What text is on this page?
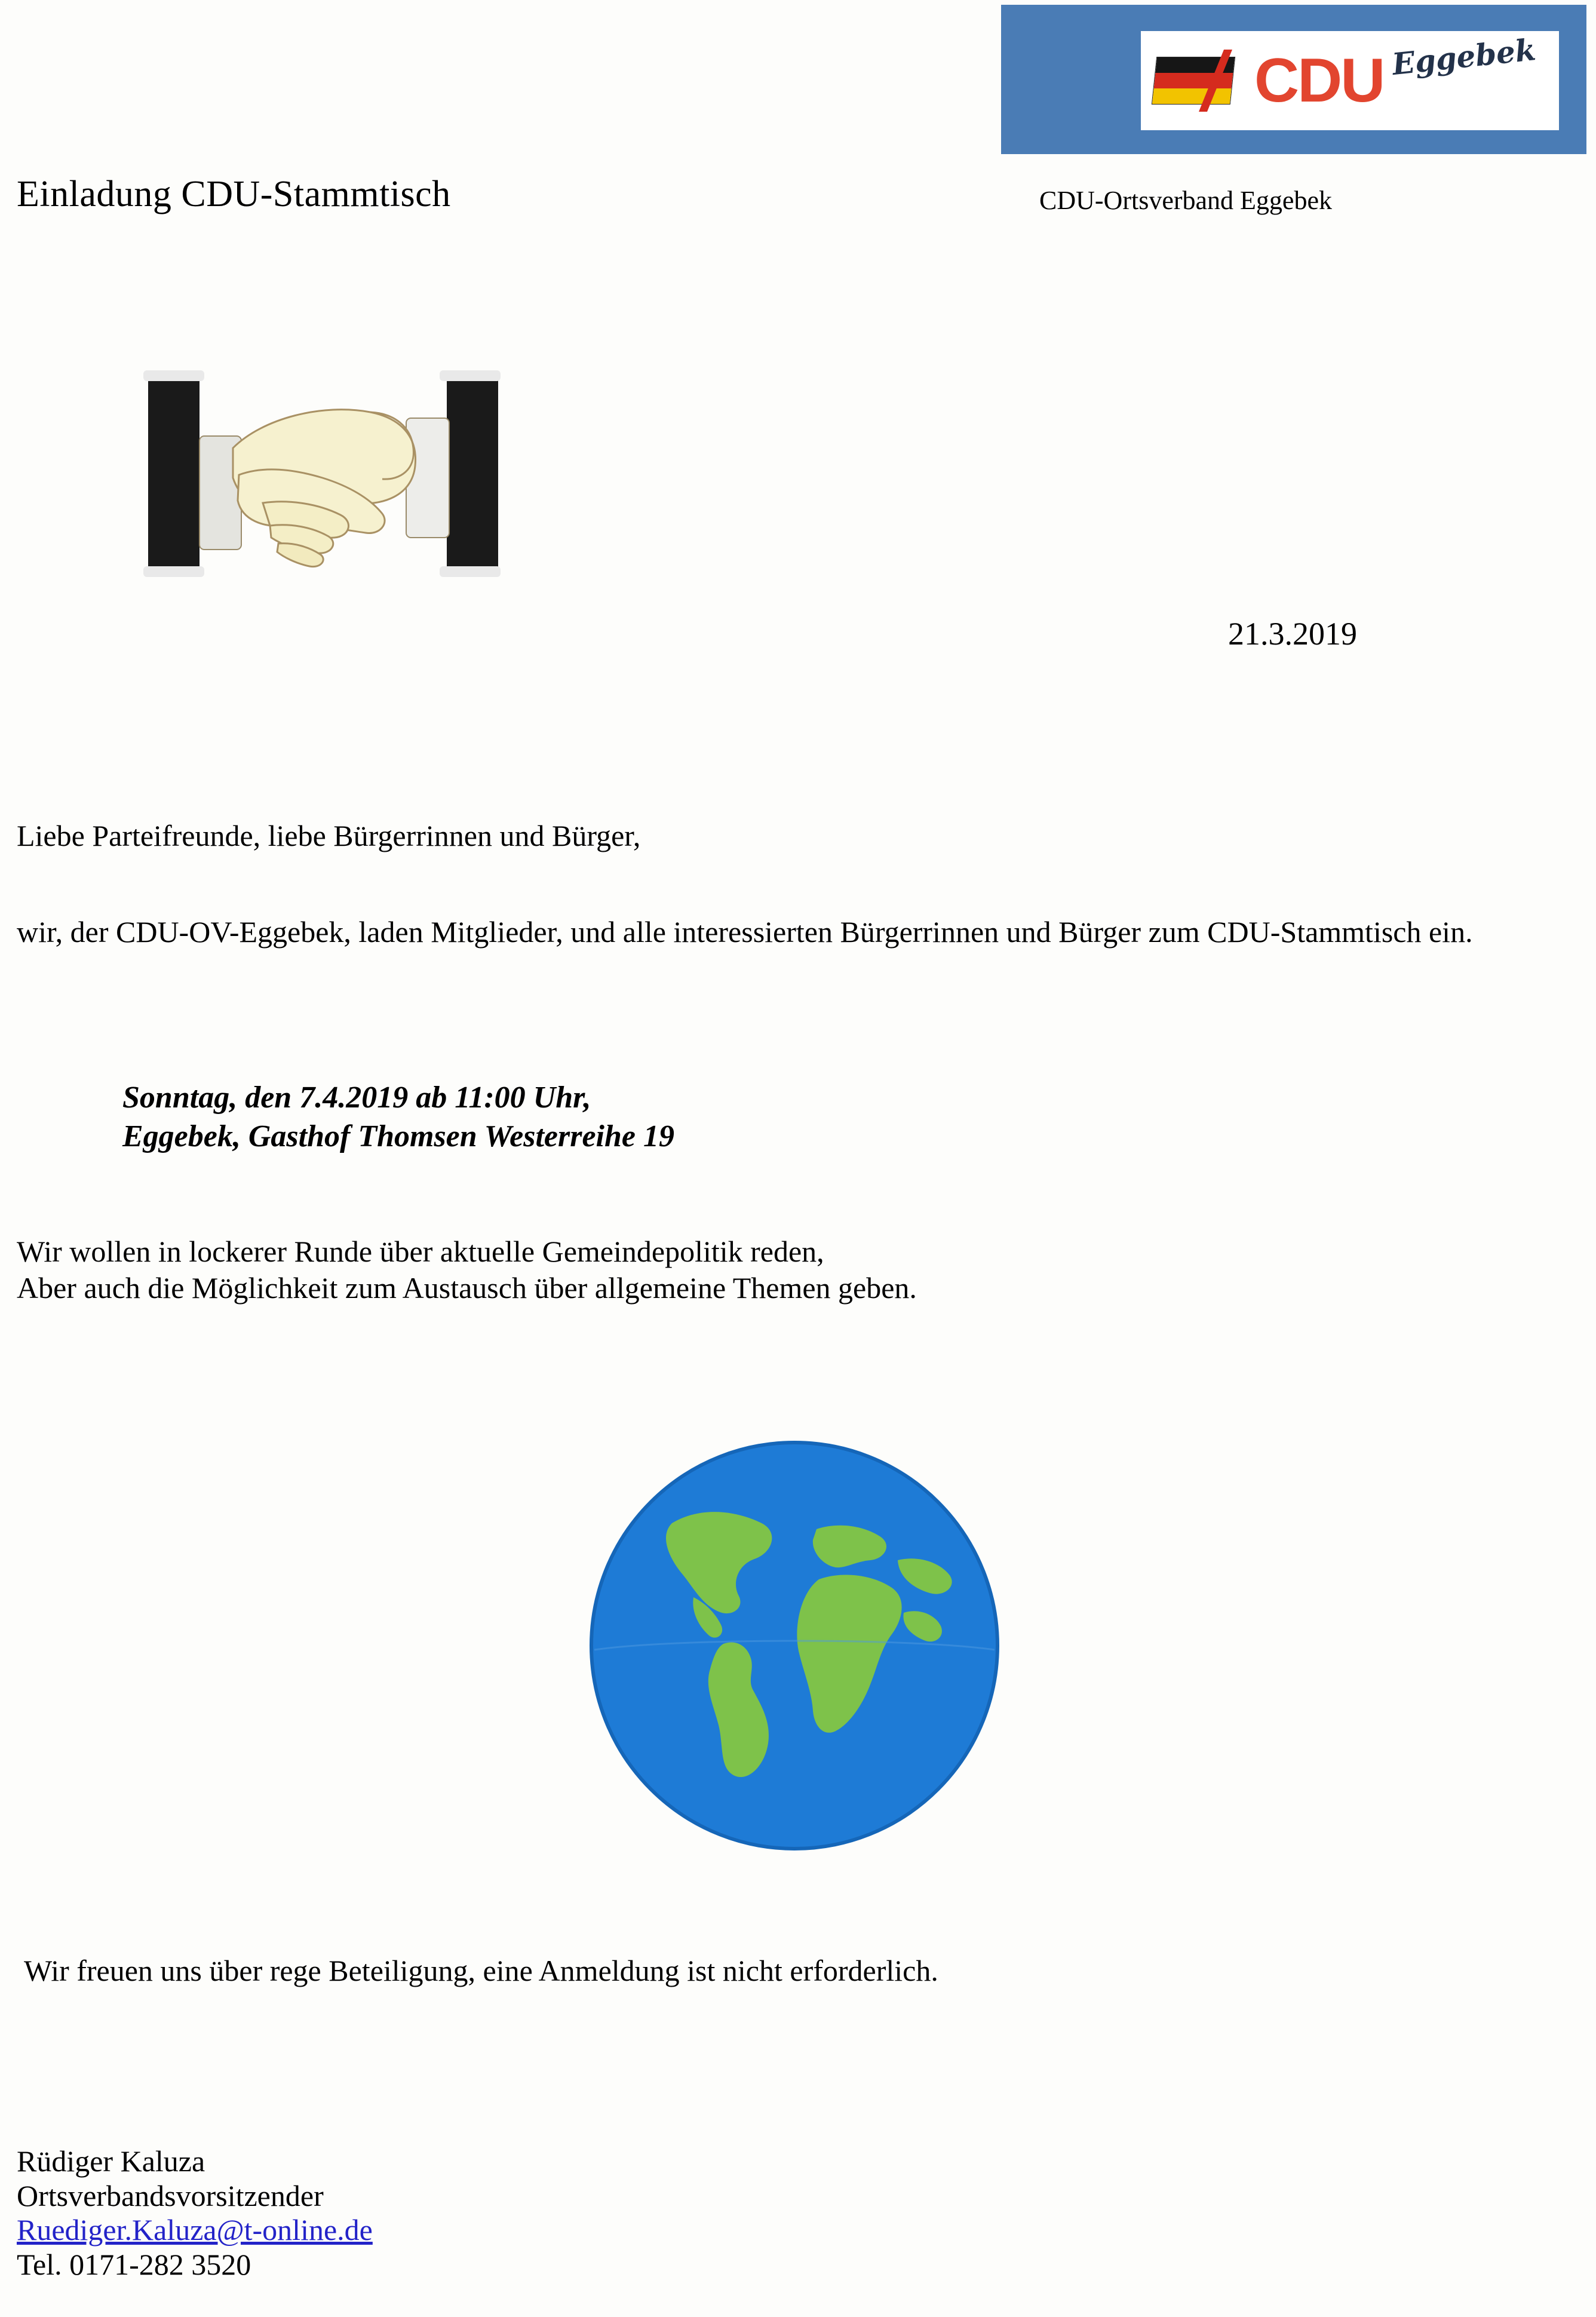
CDU Eggebek
Einladung CDU-Stammtisch	CDU-Ortsverband Eggebek
21.3.2019
Liebe Parteifreunde, liebe Bürgerrinnen und Bürger,
wir, der CDU-OV-Eggebek, laden Mitglieder, und alle interessierten Bürgerrinnen und Bürger zum CDU-Stammtisch ein.
Sonntag, den 7.4.2019 ab 11:00 Uhr,
Eggebek, Gasthof Thomsen Westerreihe 19
Wir wollen in lockerer Runde über aktuelle Gemeindepolitik reden,
Aber auch die Möglichkeit zum Austausch über allgemeine Themen geben.
Wir freuen uns über rege Beteiligung, eine Anmeldung ist nicht erforderlich.
Rüdiger Kaluza
Ortsverbandsvorsitzender
Ruediger.Kaluza@t-online.de
Tel. 0171-282 3520
